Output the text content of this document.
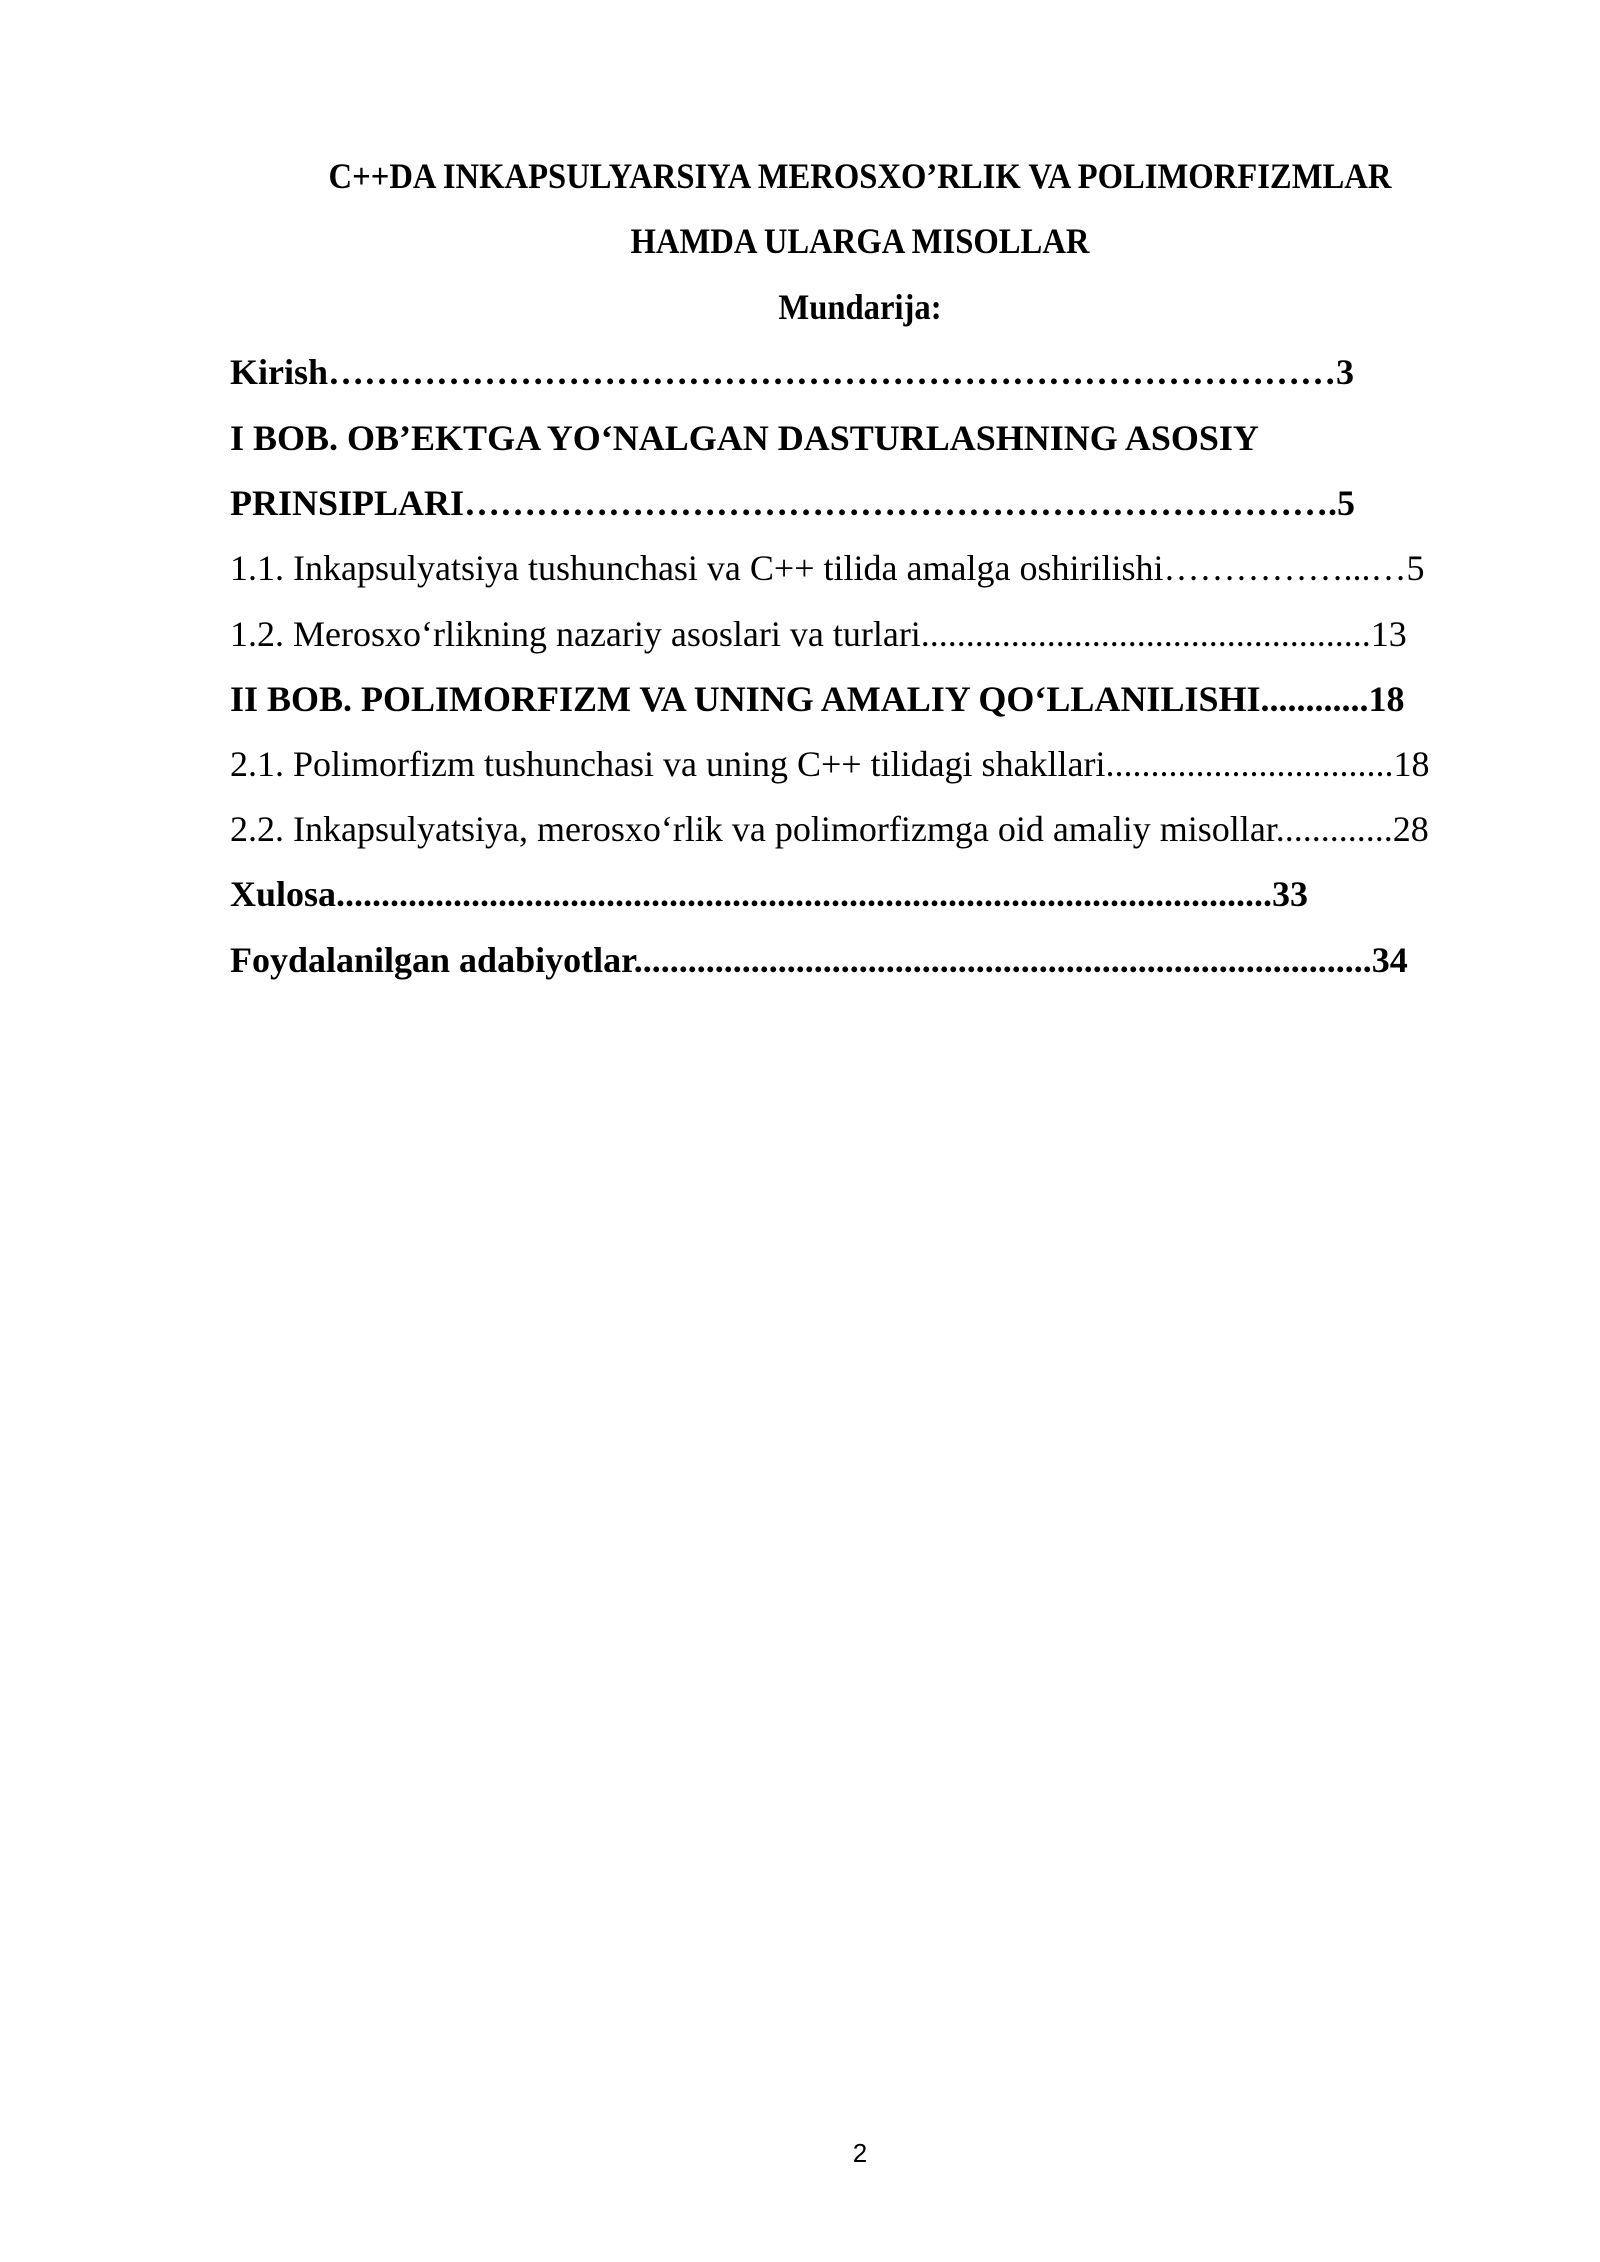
C++DA INKAPSULYARSIYA MEROSXO’RLIK VA POLIMORFIZMLAR
HAMDA ULARGA MISOLLAR
Mundarija:
Kirish…………………………………………………………………………3
I BOB. OB’EKTGA YO‘NALGAN DASTURLASHNING ASOSIY
PRINSIPLARI……………………………………………………………….5
1.1. Inkapsulyatsiya tushunchasi va C++ tilida amalga oshirilishi……………...…5
1.2. Merosxo‘rlikning nazariy asoslari va turlari..................................................13
II BOB. POLIMORFIZM VA UNING AMALIY QO‘LLANILISHI............18
2.1. Polimorfizm tushunchasi va uning C++ tilidagi shakllari................................18
2.2. Inkapsulyatsiya, merosxo‘rlik va polimorfizmga oid amaliy misollar.............28
Xulosa........................................................................................................33
Foydalanilgan adabiyotlar..................................................................................34
2
